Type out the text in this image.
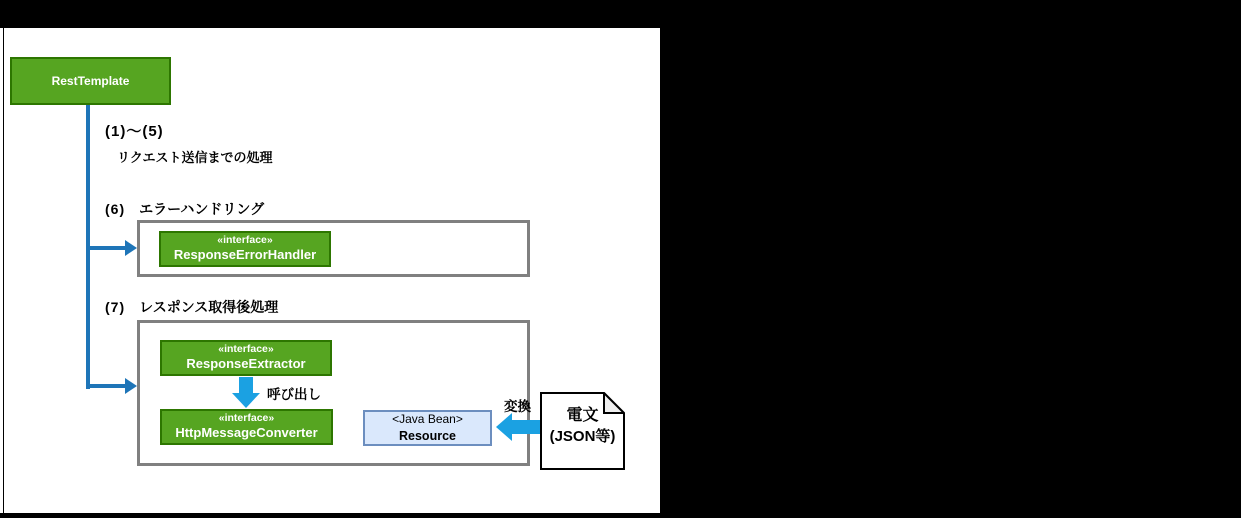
RestTemplate
(1)～(5)
リクエスト送信までの処理
(6) エラーハンドリング
«interface»
ResponseErrorHandler
(7) レスポンス取得後処理
«interface»
ResponseExtractor
呼び出し
«interface»
HttpMessageConverter
<Java Bean>
Resource
変換
電文
(JSON等)
